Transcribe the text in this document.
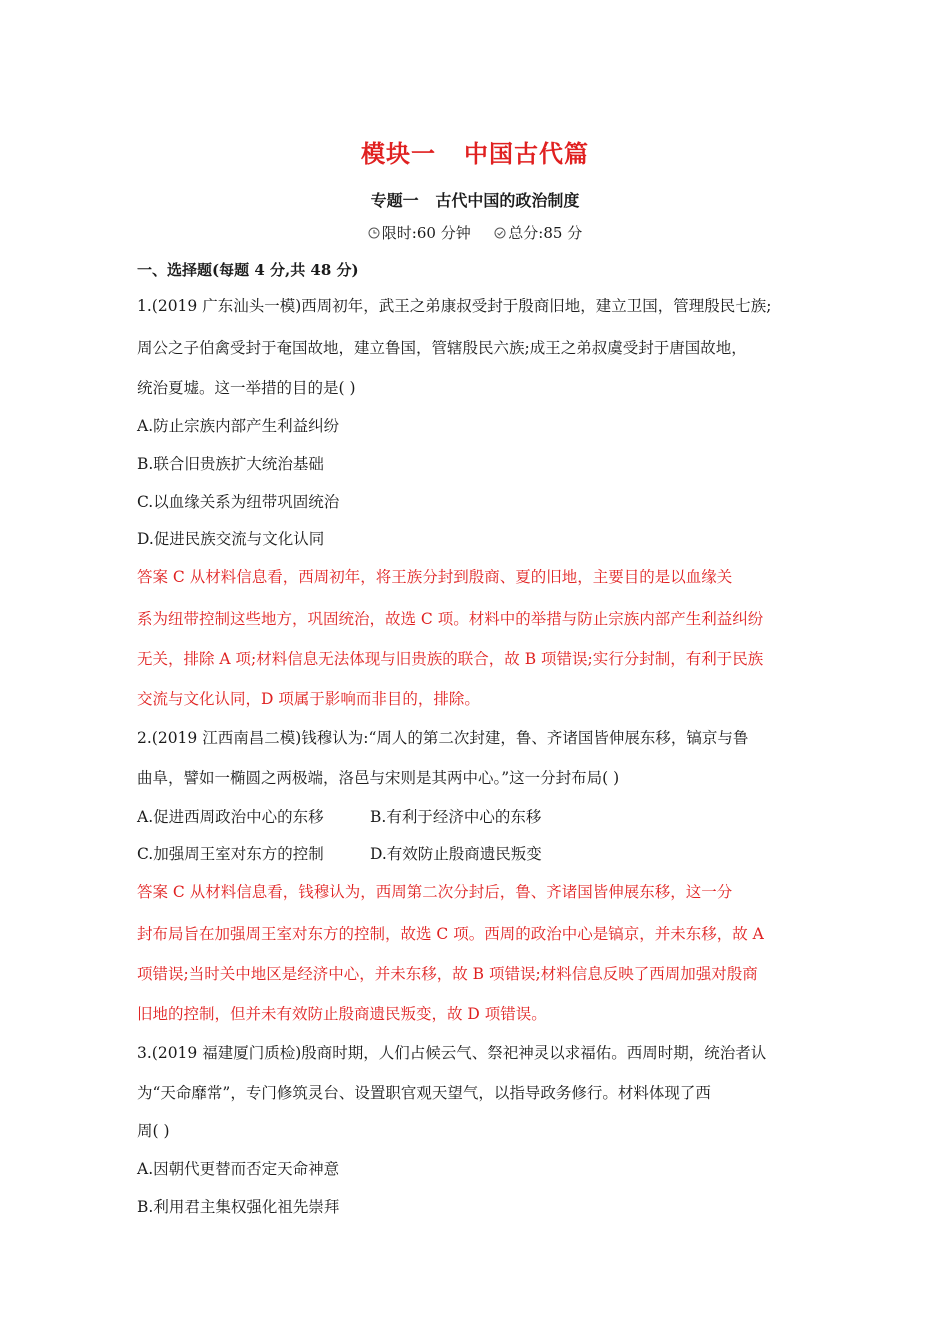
模块一   中国古代篇
专题一   古代中国的政治制度
限时:60 分钟	总分:85 分
一、选择题(每题 4 分,共 48 分)
1.(2019 广东汕头一模)西周初年，武王之弟康叔受封于殷商旧地，建立卫国，管理殷民七族;
周公之子伯禽受封于奄国故地，建立鲁国，管辖殷民六族;成王之弟叔虞受封于唐国故地，
统治夏墟。这一举措的目的是( )
A.防止宗族内部产生利益纠纷
B.联合旧贵族扩大统治基础
C.以血缘关系为纽带巩固统治
D.促进民族交流与文化认同
答案 C 从材料信息看，西周初年，将王族分封到殷商、夏的旧地，主要目的是以血缘关
系为纽带控制这些地方，巩固统治，故选 C 项。材料中的举措与防止宗族内部产生利益纠纷
无关，排除 A 项;材料信息无法体现与旧贵族的联合，故 B 项错误;实行分封制，有利于民族
交流与文化认同，D 项属于影响而非目的，排除。
2.(2019 江西南昌二模)钱穆认为:“周人的第二次封建，鲁、齐诸国皆伸展东移，镐京与鲁
曲阜，譬如一椭圆之两极端，洛邑与宋则是其两中心。”这一分封布局( )
A.促进西周政治中心的东移	B.有利于经济中心的东移
C.加强周王室对东方的控制	D.有效防止殷商遗民叛变
答案 C 从材料信息看，钱穆认为，西周第二次分封后，鲁、齐诸国皆伸展东移，这一分
封布局旨在加强周王室对东方的控制，故选 C 项。西周的政治中心是镐京，并未东移，故 A
项错误;当时关中地区是经济中心，并未东移，故 B 项错误;材料信息反映了西周加强对殷商
旧地的控制，但并未有效防止殷商遗民叛变，故 D 项错误。
3.(2019 福建厦门质检)殷商时期，人们占候云气、祭祀神灵以求福佑。西周时期，统治者认
为“天命靡常”，专门修筑灵台、设置职官观天望气，以指导政务修行。材料体现了西
周( )
A.因朝代更替而否定天命神意
B.利用君主集权强化祖先崇拜
